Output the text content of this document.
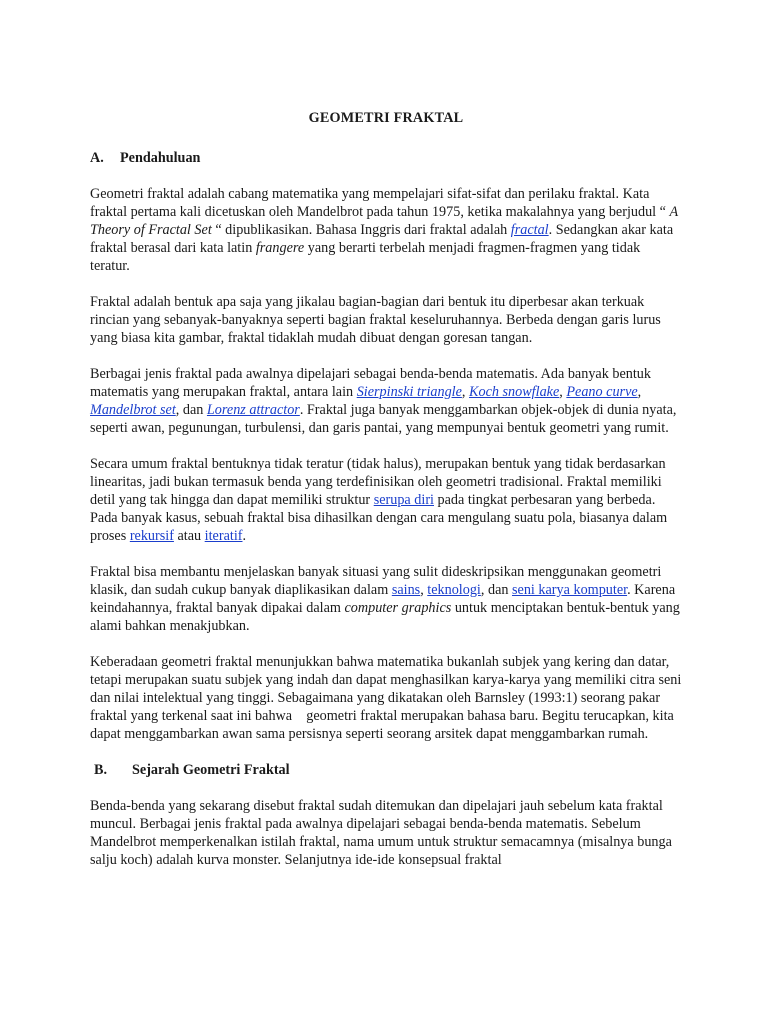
GEOMETRI FRAKTAL
A. Pendahuluan

Geometri fraktal adalah cabang matematika yang mempelajari sifat-sifat dan perilaku fraktal. Kata fraktal pertama kali dicetuskan oleh Mandelbrot pada tahun 1975, ketika makalahnya yang berjudul “ A Theory of Fractal Set “ dipublikasikan. Bahasa Inggris dari fraktal adalah fractal. Sedangkan akar kata fraktal berasal dari kata latin frangere yang berarti terbelah menjadi fragmen-fragmen yang tidak teratur.

Fraktal adalah bentuk apa saja yang jikalau bagian-bagian dari bentuk itu diperbesar akan terkuak rincian yang sebanyak-banyaknya seperti bagian fraktal keseluruhannya. Berbeda dengan garis lurus yang biasa kita gambar, fraktal tidaklah mudah dibuat dengan goresan tangan.

Berbagai jenis fraktal pada awalnya dipelajari sebagai benda-benda matematis. Ada banyak bentuk matematis yang merupakan fraktal, antara lain Sierpinski triangle, Koch snowflake, Peano curve, Mandelbrot set, dan Lorenz attractor. Fraktal juga banyak menggambarkan objek-objek di dunia nyata, seperti awan, pegunungan, turbulensi, dan garis pantai, yang mempunyai bentuk geometri yang rumit.

Secara umum fraktal bentuknya tidak teratur (tidak halus), merupakan bentuk yang tidak berdasarkan linearitas, jadi bukan termasuk benda yang terdefinisikan oleh geometri tradisional. Fraktal memiliki detil yang tak hingga dan dapat memiliki struktur serupa diri pada tingkat perbesaran yang berbeda. Pada banyak kasus, sebuah fraktal bisa dihasilkan dengan cara mengulang suatu pola, biasanya dalam proses rekursif atau iteratif.

Fraktal bisa membantu menjelaskan banyak situasi yang sulit dideskripsikan menggunakan geometri klasik, dan sudah cukup banyak diaplikasikan dalam sains, teknologi, dan seni karya komputer. Karena keindahannya, fraktal banyak dipakai dalam computer graphics untuk menciptakan bentuk-bentuk yang alami bahkan menakjubkan.

Keberadaan geometri fraktal menunjukkan bahwa matematika bukanlah subjek yang kering dan datar, tetapi merupakan suatu subjek yang indah dan dapat menghasilkan karya-karya yang memiliki citra seni dan nilai intelektual yang tinggi. Sebagaimana yang dikatakan oleh Barnsley (1993:1) seorang pakar fraktal yang terkenal saat ini bahwa    geometri fraktal merupakan bahasa baru. Begitu terucapkan, kita dapat menggambarkan awan sama persisnya seperti seorang arsitek dapat menggambarkan rumah.

B. Sejarah Geometri Fraktal

Benda-benda yang sekarang disebut fraktal sudah ditemukan dan dipelajari jauh sebelum kata fraktal muncul. Berbagai jenis fraktal pada awalnya dipelajari sebagai benda-benda matematis. Sebelum Mandelbrot memperkenalkan istilah fraktal, nama umum untuk struktur semacamnya (misalnya bunga salju koch) adalah kurva monster. Selanjutnya ide-ide konsepsual fraktal
